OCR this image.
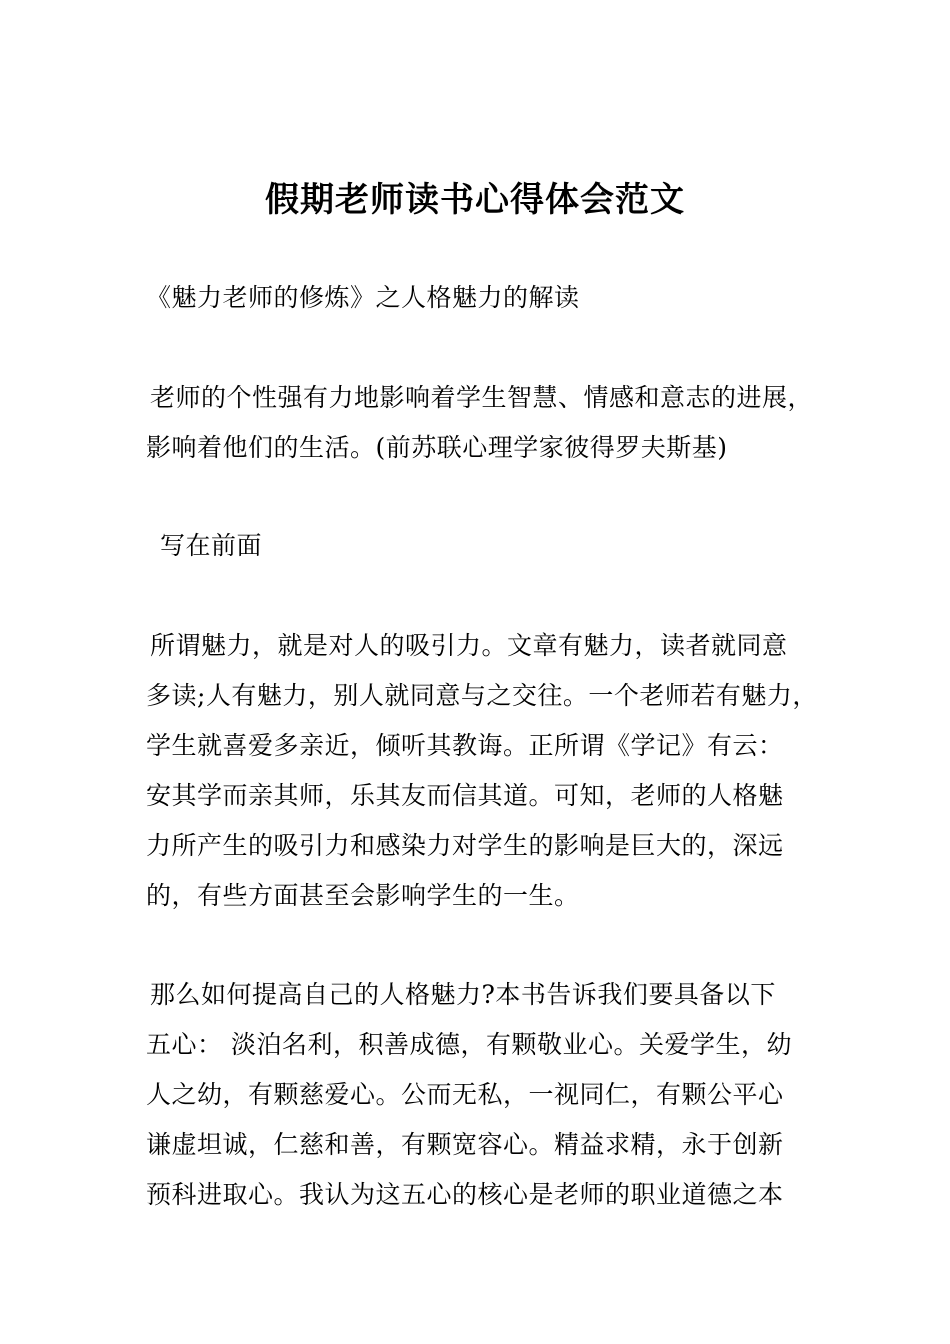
假期老师读书心得体会范文
《魅力老师的修炼》之人格魅力的解读
老师的个性强有力地影响着学生智慧、情感和意志的进展，
影响着他们的生活。(前苏联心理学家彼得罗夫斯基)
写在前面
所谓魅力，就是对人的吸引力。文章有魅力，读者就同意
多读;人有魅力，别人就同意与之交往。一个老师若有魅力，
学生就喜爱多亲近，倾听其教诲。正所谓《学记》有云：
安其学而亲其师，乐其友而信其道。可知，老师的人格魅
力所产生的吸引力和感染力对学生的影响是巨大的，深远
的，有些方面甚至会影响学生的一生。
那么如何提高自己的人格魅力?本书告诉我们要具备以下
五心： 淡泊名利，积善成德，有颗敬业心。关爱学生，幼
人之幼，有颗慈爱心。公而无私，一视同仁，有颗公平心
谦虚坦诚，仁慈和善，有颗宽容心。精益求精，永于创新
预科进取心。我认为这五心的核心是老师的职业道德之本
